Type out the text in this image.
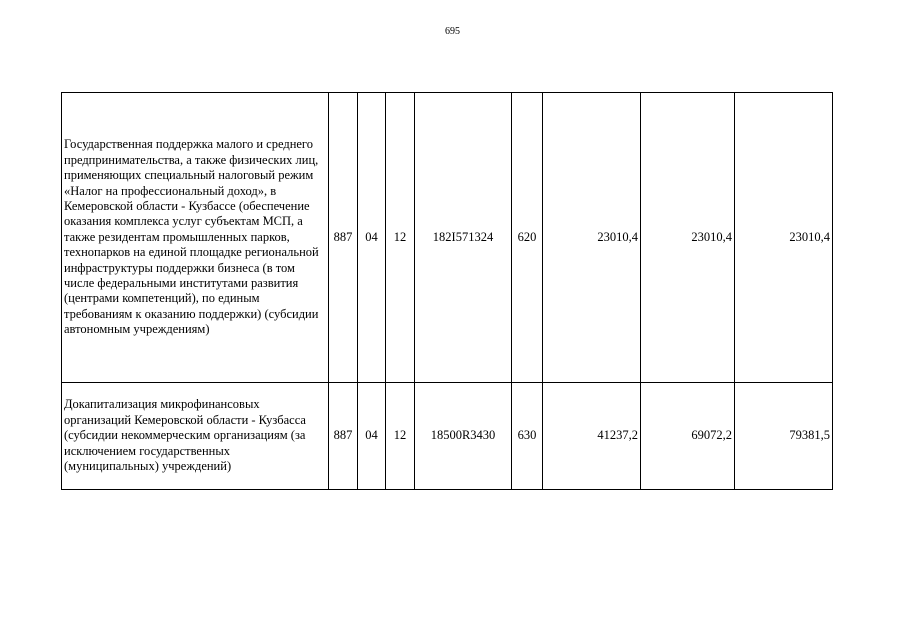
695
Государственная поддержка малого и среднего предпринимательства, а также физических лиц, применяющих специальный налоговый режим «Налог на профессиональный доход», в Кемеровской области - Кузбассе (обеспечение оказания комплекса услуг субъектам МСП, а также резидентам промышленных парков, технопарков на единой площадке региональной инфраструктуры поддержки бизнеса (в том числе федеральными институтами развития (центрами компетенций), по единым требованиям к оказанию поддержки) (субсидии автономным учреждениям)	887	04	12	182I571324	620	23010,4	23010,4	23010,4
Докапитализация микрофинансовых организаций Кемеровской области - Кузбасса (субсидии некоммерческим организациям (за исключением государственных (муниципальных) учреждений)	887	04	12	18500R3430	630	41237,2	69072,2	79381,5
